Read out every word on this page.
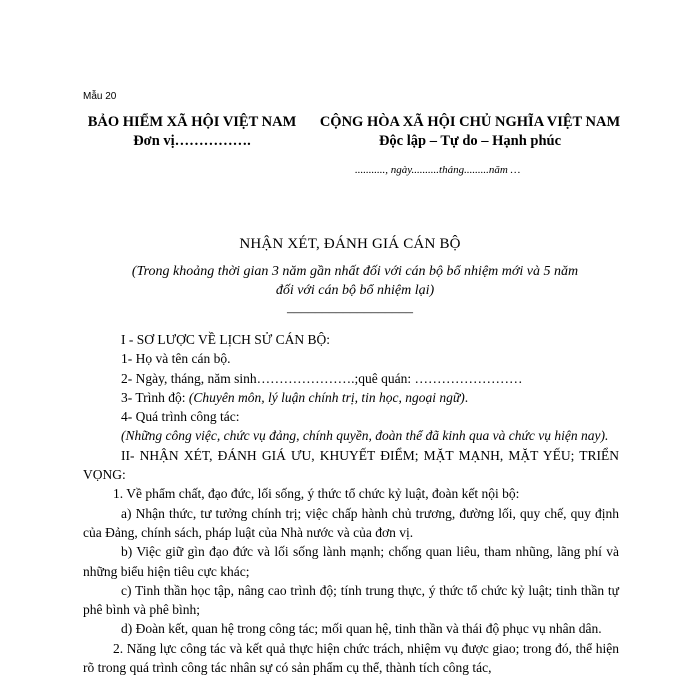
Mẫu 20
BẢO HIỂM XÃ HỘI VIỆT NAM
Đơn vị…………….
CỘNG HÒA XÃ HỘI CHỦ NGHĨA VIỆT NAM
Độc lập – Tự do – Hạnh phúc
..........., ngày..........tháng.........năm …
NHẬN XÉT, ĐÁNH GIÁ CÁN BỘ
(Trong khoảng thời gian 3 năm gần nhất đối với cán bộ bổ nhiệm mới và 5 năm đối với cán bộ bổ nhiệm lại)
––––––––––––––––––

I - SƠ LƯỢC VỀ LỊCH SỬ CÁN BỘ:

1- Họ và tên cán bộ.

2- Ngày, tháng, năm sinh………………….;quê quán: ……………………

3- Trình độ: (Chuyên môn, lý luận chính trị, tin học, ngoại ngữ).

4- Quá trình công tác:

(Những công việc, chức vụ đảng, chính quyền, đoàn thể đã kinh qua và chức vụ hiện nay).

II- NHẬN XÉT, ĐÁNH GIÁ ƯU, KHUYẾT ĐIỂM; MẶT MẠNH, MẶT YẾU; TRIỂN VỌNG:

1. Về phẩm chất, đạo đức, lối sống, ý thức tổ chức kỷ luật, đoàn kết nội bộ:

a) Nhận thức, tư tưởng chính trị; việc chấp hành chủ trương, đường lối, quy chế, quy định của Đảng, chính sách, pháp luật của Nhà nước và của đơn vị.

b) Việc giữ gìn đạo đức và lối sống lành mạnh; chống quan liêu, tham nhũng, lãng phí và những biểu hiện tiêu cực khác;

c) Tinh thần học tập, nâng cao trình độ; tính trung thực, ý thức tổ chức kỷ luật; tinh thần tự phê bình và phê bình;

d) Đoàn kết, quan hệ trong công tác; mối quan hệ, tinh thần và thái độ phục vụ nhân dân.

2. Năng lực công tác và kết quả thực hiện chức trách, nhiệm vụ được giao; trong đó, thể hiện rõ trong quá trình công tác nhân sự có sản phẩm cụ thể, thành tích công tác,
